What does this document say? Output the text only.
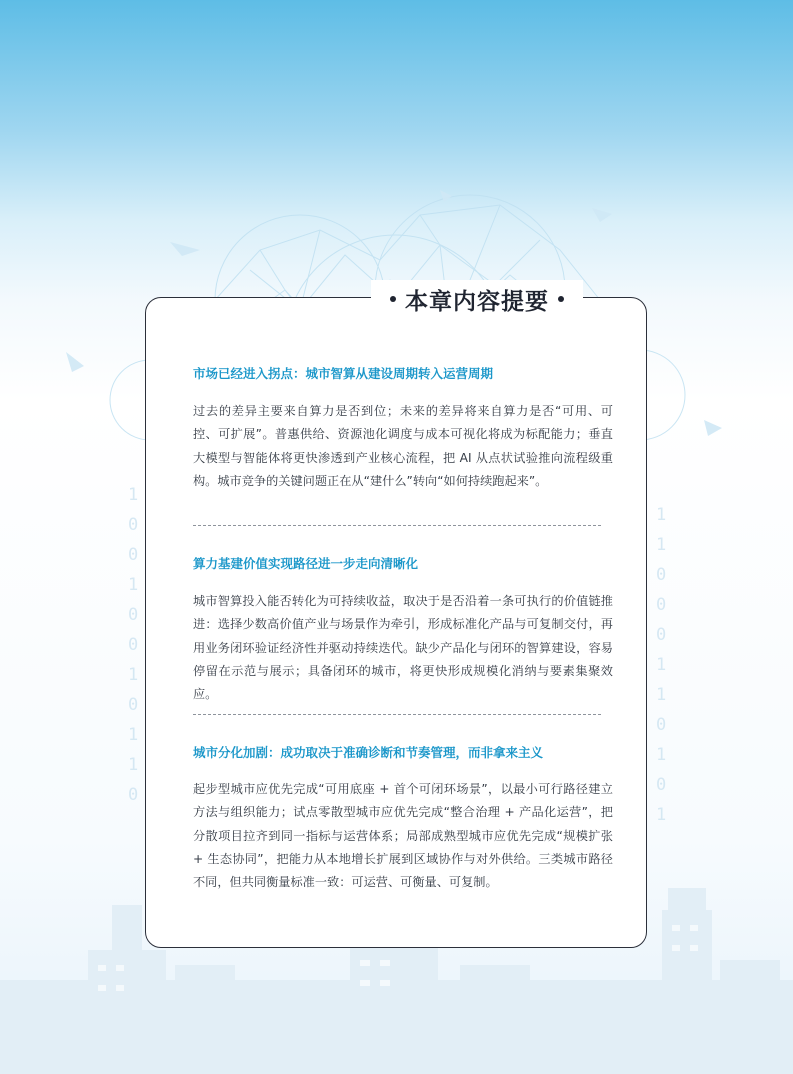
1
0
0
1
0
0
1
0
1
1
0
1
1
0
0
0
1
1
0
1
0
1
本章内容提要
市场已经进入拐点：城市智算从建设周期转入运营周期
过去的差异主要来自算力是否到位；未来的差异将来自算力是否“可用、可控、可扩展”。普惠供给、资源池化调度与成本可视化将成为标配能力；垂直大模型与智能体将更快渗透到产业核心流程，把 AI 从点状试验推向流程级重构。城市竞争的关键问题正在从“建什么”转向“如何持续跑起来”。
算力基建价值实现路径进一步走向清晰化
城市智算投入能否转化为可持续收益，取决于是否沿着一条可执行的价值链推进：选择少数高价值产业与场景作为牵引，形成标准化产品与可复制交付，再用业务闭环验证经济性并驱动持续迭代。缺少产品化与闭环的智算建设，容易停留在示范与展示；具备闭环的城市，将更快形成规模化消纳与要素集聚效应。
城市分化加剧：成功取决于准确诊断和节奏管理，而非拿来主义
起步型城市应优先完成“可用底座 + 首个可闭环场景”，以最小可行路径建立方法与组织能力；试点零散型城市应优先完成“整合治理 + 产品化运营”，把分散项目拉齐到同一指标与运营体系；局部成熟型城市应优先完成“规模扩张 + 生态协同”，把能力从本地增长扩展到区域协作与对外供给。三类城市路径不同，但共同衡量标准一致：可运营、可衡量、可复制。
